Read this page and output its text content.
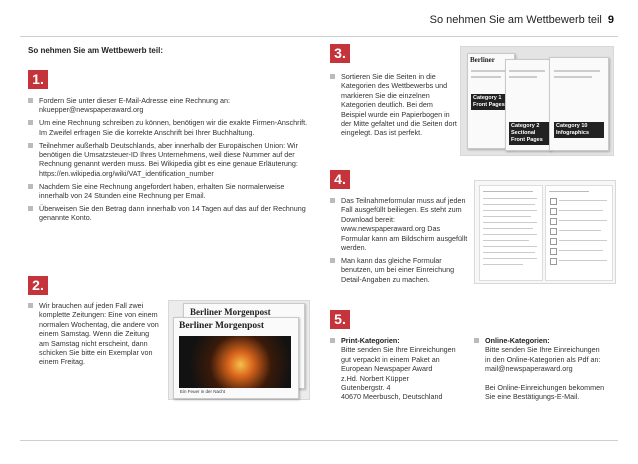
So nehmen Sie am Wettbewerb teil 9
So nehmen Sie am Wettbewerb teil:
1.
Fordern Sie unter dieser E-Mail-Adresse eine Rechnung an: nkuepper@newspaperaward.org
Um eine Rechnung schreiben zu können, benötigen wir die exakte Firmen-Anschrift. Im Zweifel erfragen Sie die korrekte Anschrift bei Ihrer Buchhaltung.
Teilnehmer außerhalb Deutschlands, aber innerhalb der Europäischen Union: Wir benötigen die Umsatzsteuer-ID Ihres Unternehmens, weil diese Nummer auf der Rechnung genannt werden muss. Bei Wikipedia gibt es eine genaue Erläuterung: https://en.wikipedia.org/wiki/VAT_identification_number
Nachdem Sie eine Rechnung angefordert haben, erhalten Sie normalerweise innerhalb von 24 Stunden eine Rechnung per Email.
Überweisen Sie den Betrag dann innerhalb von 14 Tagen auf das auf der Rechnung genannte Konto.
2.
Wir brauchen auf jeden Fall zwei komplette Zeitungen: Eine von einem normalen Wochentag, die andere von einem Samstag. Wenn die Zeitung am Samstag nicht erscheint, dann schicken Sie bitte ein Exemplar von einem Freitag.
Berliner Morgenpost
Berliner Morgenpost
Ein Feuer in der Nacht
3.
Sortieren Sie die Seiten in die Kategorien des Wettbewerbs und markieren Sie die einzelnen Kategorien deutlich. Bei dem Beispiel wurde ein Papierbogen in der Mitte gefaltet und die Seiten dort eingelegt. Das ist perfekt.
Berliner
Category 1 Front Pages
Category 2 Sectional Front Pages
Category 10 Infographics
4.
Das Teilnahmeformular muss auf jeden Fall ausgefüllt beiliegen. Es steht zum Download bereit: www.newspaperaward.org Das Formular kann am Bildschirm ausgefüllt werden.
Man kann das gleiche Formular benutzen, um bei einer Einreichung Detail-Angaben zu machen.
5.
Print-Kategorien:
Bitte senden Sie Ihre Einreichungen
gut verpackt in einem Paket an
European Newspaper Award
z.Hd. Norbert Küpper
Gutenbergstr. 4
40670 Meerbusch, Deutschland
Online-Kategorien:
Bitte senden Sie Ihre Einreichungen
in den Online-Kategorien als Pdf an:
mail@newspaperaward.org
Bei Online-Einreichungen bekommen
Sie eine Bestätigungs-E-Mail.
